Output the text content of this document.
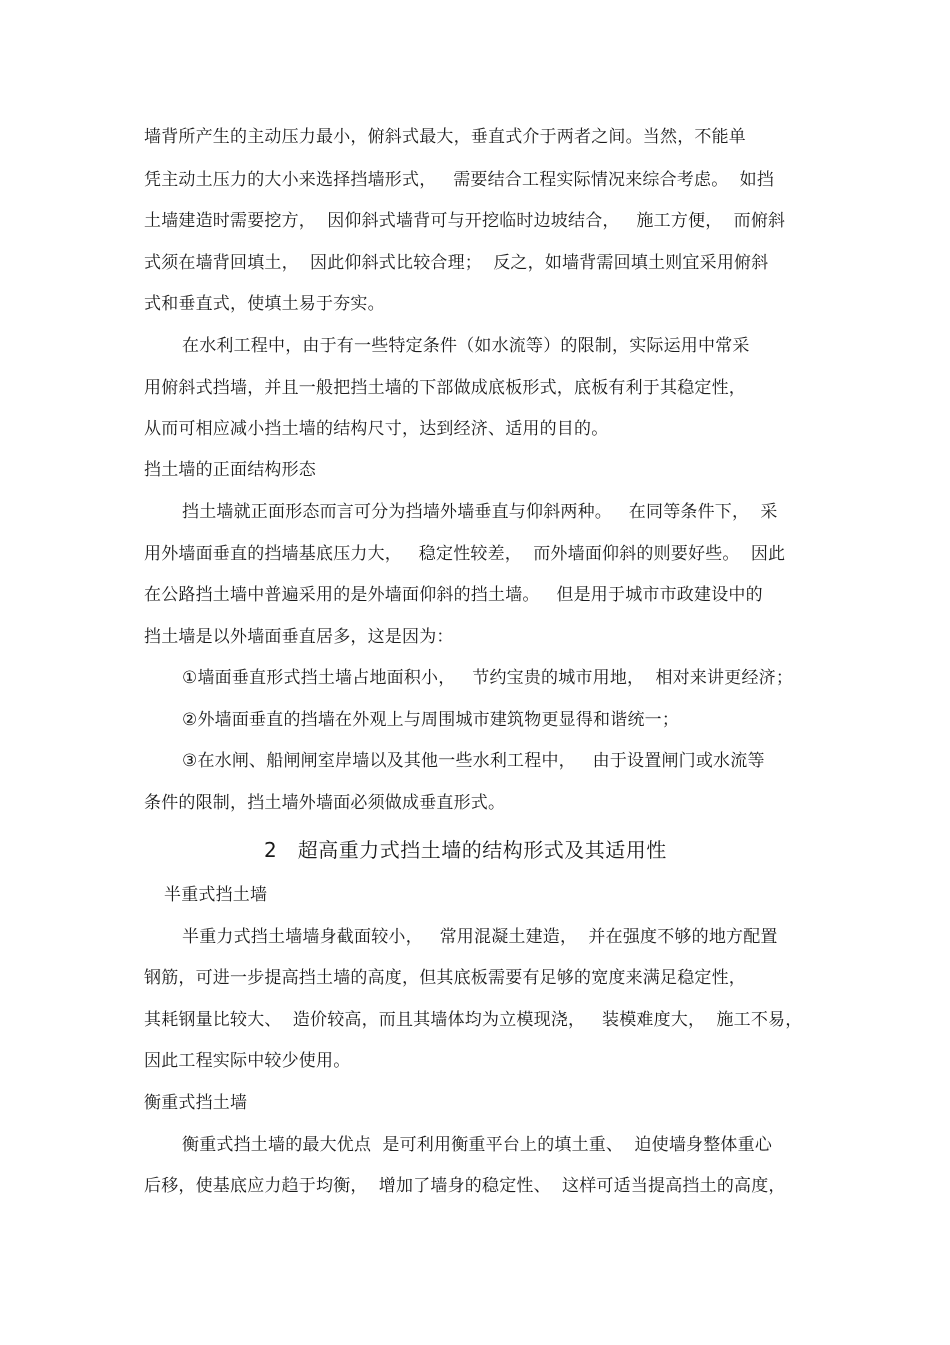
墙背所产生的主动压力最小，俯斜式最大，垂直式介于两者之间。当然，不能单
凭主动土压力的大小来选择挡墙形式，   需要结合工程实际情况来综合考虑。  如挡
土墙建造时需要挖方，  因仰斜式墙背可与开挖临时边坡结合，   施工方便，  而俯斜
式须在墙背回填土，  因此仰斜式比较合理；  反之，如墙背需回填土则宜采用俯斜
式和垂直式，使填土易于夯实。
在水利工程中，由于有一些特定条件（如水流等）的限制，实际运用中常采
用俯斜式挡墙，并且一般把挡土墙的下部做成底板形式，底板有利于其稳定性，
从而可相应减小挡土墙的结构尺寸，达到经济、适用的目的。
挡土墙的正面结构形态
挡土墙就正面形态而言可分为挡墙外墙垂直与仰斜两种。   在同等条件下，  采
用外墙面垂直的挡墙基底压力大，   稳定性较差，  而外墙面仰斜的则要好些。  因此
在公路挡土墙中普遍采用的是外墙面仰斜的挡土墙。   但是用于城市市政建设中的
挡土墙是以外墙面垂直居多，这是因为：
①墙面垂直形式挡土墙占地面积小，   节约宝贵的城市用地，  相对来讲更经济；
②外墙面垂直的挡墙在外观上与周围城市建筑物更显得和谐统一；
③在水闸、船闸闸室岸墙以及其他一些水利工程中，   由于设置闸门或水流等
条件的限制，挡土墙外墙面必须做成垂直形式。
2   超高重力式挡土墙的结构形式及其适用性
半重式挡土墙
半重力式挡土墙墙身截面较小，   常用混凝土建造，  并在强度不够的地方配置
钢筋，可进一步提高挡土墙的高度，但其底板需要有足够的宽度来满足稳定性，
其耗钢量比较大、  造价较高，而且其墙体均为立模现浇，   装模难度大，  施工不易，
因此工程实际中较少使用。
衡重式挡土墙
衡重式挡土墙的最大优点  是可利用衡重平台上的填土重、  迫使墙身整体重心
后移，使基底应力趋于均衡，  增加了墙身的稳定性、  这样可适当提高挡土的高度，
